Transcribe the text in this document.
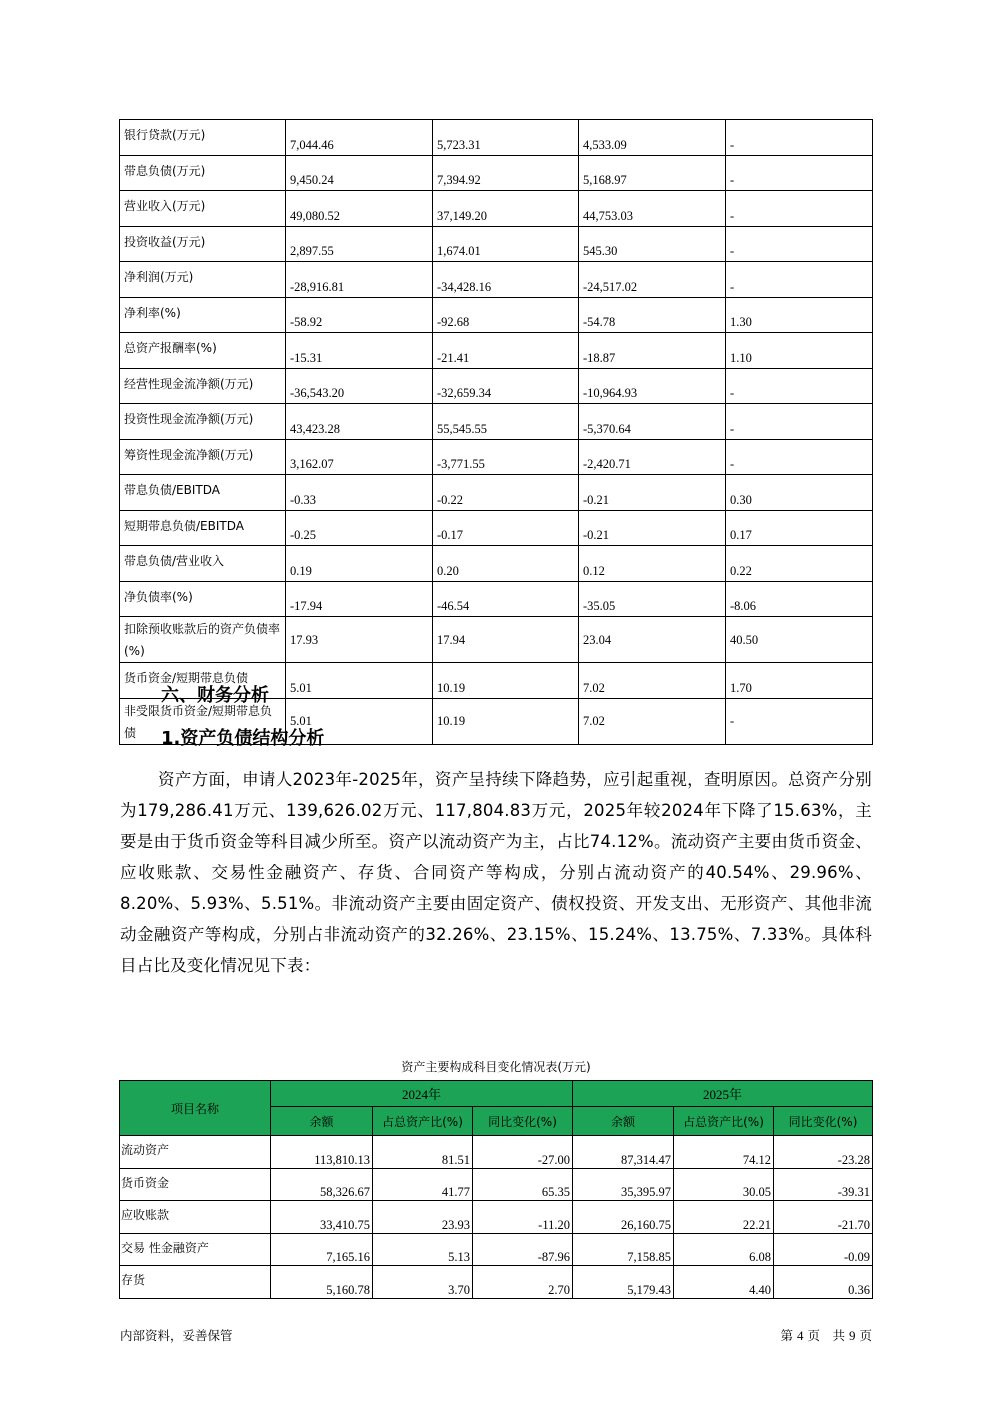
银行贷款(万元)	7,044.46	5,723.31	4,533.09	-
带息负债(万元)	9,450.24	7,394.92	5,168.97	-
营业收入(万元)	49,080.52	37,149.20	44,753.03	-
投资收益(万元)	2,897.55	1,674.01	545.30	-
净利润(万元)	-28,916.81	-34,428.16	-24,517.02	-
净利率(%)	-58.92	-92.68	-54.78	1.30
总资产报酬率(%)	-15.31	-21.41	-18.87	1.10
经营性现金流净额(万元)	-36,543.20	-32,659.34	-10,964.93	-
投资性现金流净额(万元)	43,423.28	55,545.55	-5,370.64	-
筹资性现金流净额(万元)	3,162.07	-3,771.55	-2,420.71	-
带息负债/EBITDA	-0.33	-0.22	-0.21	0.30
短期带息负债/EBITDA	-0.25	-0.17	-0.21	0.17
带息负债/营业收入	0.19	0.20	0.12	0.22
净负债率(%)	-17.94	-46.54	-35.05	-8.06
扣除预收账款后的资产负债率(%)	17.93	17.94	23.04	40.50
货币资金/短期带息负债	5.01	10.19	7.02	1.70
非受限货币资金/短期带息负债	5.01	10.19	7.02	-
六、财务分析
1.资产负债结构分析

资产方面，申请人2023年-2025年，资产呈持续下降趋势，应引起重视，查明原因。总资产分别为179,286.41万元、139,626.02万元、117,804.83万元，2025年较2024年下降了15.63%，主要是由于货币资金等科目减少所至。资产以流动资产为主，占比74.12%。流动资产主要由货币资金、应收账款、交易性金融资产、存货、合同资产等构成，分别占流动资产的40.54%、29.96%、8.20%、5.93%、5.51%。非流动资产主要由固定资产、债权投资、开发支出、无形资产、其他非流动金融资产等构成，分别占非流动资产的32.26%、23.15%、15.24%、13.75%、7.33%。具体科目占比及变化情况见下表：

资产主要构成科目变化情况表(万元)
项目名称	2024年			2025年		
	余额	占总资产比(%)	同比变化(%)	余额	占总资产比(%)	同比变化(%)
流动资产	113,810.13	81.51	-27.00	87,314.47	74.12	-23.28
货币资金	58,326.67	41.77	65.35	35,395.97	30.05	-39.31
应收账款	33,410.75	23.93	-11.20	26,160.75	22.21	-21.70
交易 性金融资产	7,165.16	5.13	-87.96	7,158.85	6.08	-0.09
存货	5,160.78	3.70	2.70	5,179.43	4.40	0.36
内部资料，妥善保管	第 4 页　共 9 页
